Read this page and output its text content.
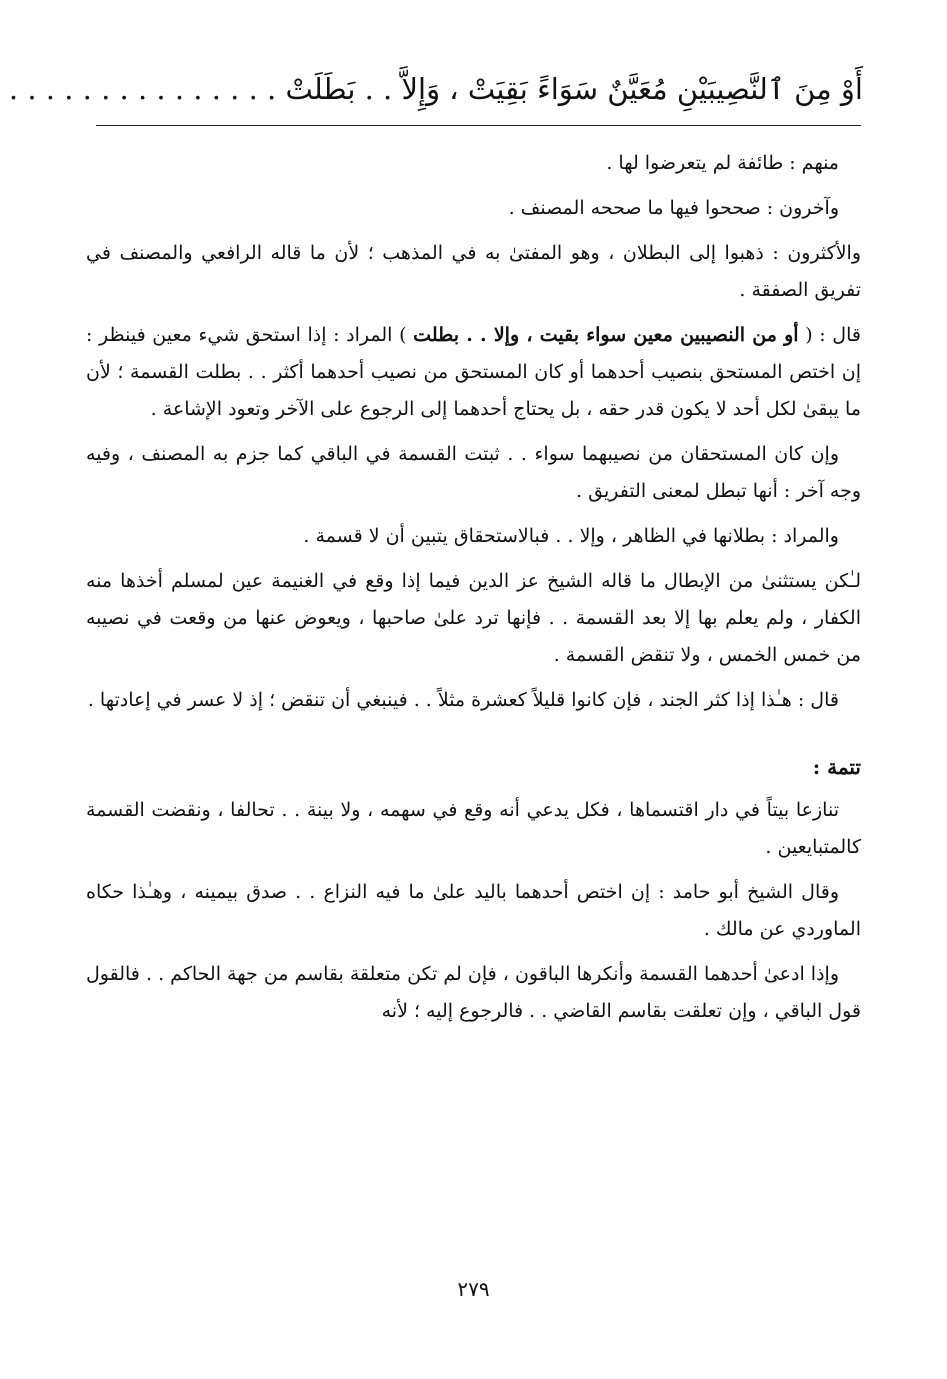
أَوْ مِنَ ٱلنَّصِيبَيْنِ مُعَيَّنٌ سَوَاءً بَقِيَتْ ، وَإِلاَّ . . بَطَلَتْ . . . . . . . . . . . . . . .

منهم : طائفة لم يتعرضوا لها .

وآخرون : صححوا فيها ما صححه المصنف .

والأكثرون : ذهبوا إلى البطلان ، وهو المفتىٰ به في المذهب ؛ لأن ما قاله الرافعي والمصنف في تفريق الصفقة .

قال : ( أو من النصيبين معين سواء بقيت ، وإلا . . بطلت ) المراد : إذا استحق شيء معين فينظر : إن اختص المستحق بنصيب أحدهما أو كان المستحق من نصيب أحدهما أكثر . . بطلت القسمة ؛ لأن ما يبقىٰ لكل أحد لا يكون قدر حقه ، بل يحتاج أحدهما إلى الرجوع على الآخر وتعود الإشاعة .

وإن كان المستحقان من نصيبهما سواء . . ثبتت القسمة في الباقي كما جزم به المصنف ، وفيه وجه آخر : أنها تبطل لمعنى التفريق .

والمراد : بطلانها في الظاهر ، وإلا . . فبالاستحقاق يتبين أن لا قسمة .

لـٰكن يستثنىٰ من الإبطال ما قاله الشيخ عز الدين فيما إذا وقع في الغنيمة عين لمسلم أخذها منه الكفار ، ولم يعلم بها إلا بعد القسمة . . فإنها ترد علىٰ صاحبها ، ويعوض عنها من وقعت في نصيبه من خمس الخمس ، ولا تنقض القسمة .

قال : هـٰذا إذا كثر الجند ، فإن كانوا قليلاً كعشرة مثلاً . . فينبغي أن تنقض ؛ إذ لا عسر في إعادتها .

تتمة :

تنازعا بيتاً في دار اقتسماها ، فكل يدعي أنه وقع في سهمه ، ولا بينة . . تحالفا ، ونقضت القسمة كالمتبايعين .

وقال الشيخ أبو حامد : إن اختص أحدهما باليد علىٰ ما فيه النزاع . . صدق بيمينه ، وهـٰذا حكاه الماوردي عن مالك .

وإذا ادعىٰ أحدهما القسمة وأنكرها الباقون ، فإن لم تكن متعلقة بقاسم من جهة الحاكم . . فالقول قول الباقي ، وإن تعلقت بقاسم القاضي . . فالرجوع إليه ؛ لأنه

٢٧٩
